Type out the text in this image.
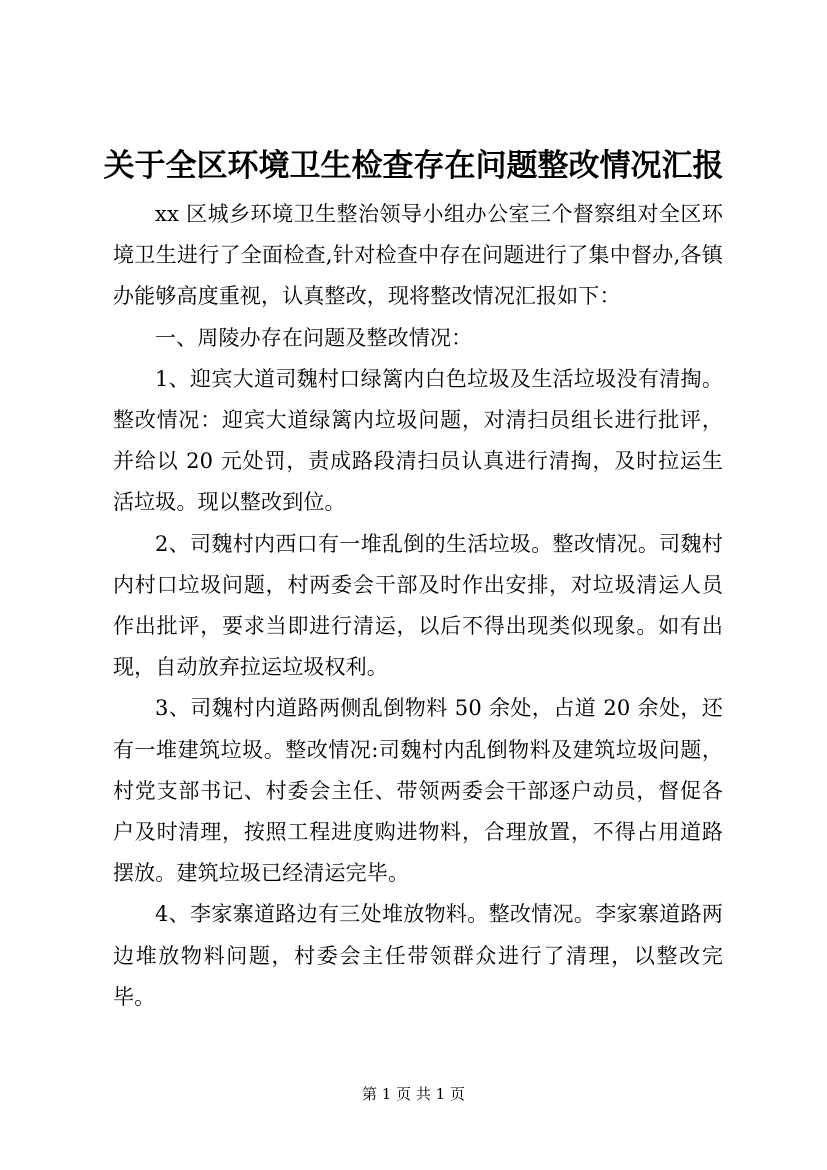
关于全区环境卫生检查存在问题整改情况汇报

xx 区城乡环境卫生整治领导小组办公室三个督察组对全区环境卫生进行了全面检查,针对检查中存在问题进行了集中督办,各镇办能够高度重视，认真整改，现将整改情况汇报如下：

一、周陵办存在问题及整改情况：

1、迎宾大道司魏村口绿篱内白色垃圾及生活垃圾没有清掏。整改情况：迎宾大道绿篱内垃圾问题，对清扫员组长进行批评，并给以 20 元处罚，责成路段清扫员认真进行清掏，及时拉运生活垃圾。现以整改到位。

2、司魏村内西口有一堆乱倒的生活垃圾。整改情况。司魏村内村口垃圾问题，村两委会干部及时作出安排，对垃圾清运人员作出批评，要求当即进行清运，以后不得出现类似现象。如有出现，自动放弃拉运垃圾权利。

3、司魏村内道路两侧乱倒物料 50 余处，占道 20 余处，还有一堆建筑垃圾。整改情况:司魏村内乱倒物料及建筑垃圾问题，村党支部书记、村委会主任、带领两委会干部逐户动员，督促各户及时清理，按照工程进度购进物料，合理放置，不得占用道路摆放。建筑垃圾已经清运完毕。

4、李家寨道路边有三处堆放物料。整改情况。李家寨道路两边堆放物料问题，村委会主任带领群众进行了清理，以整改完毕。

第 1 页 共 1 页
